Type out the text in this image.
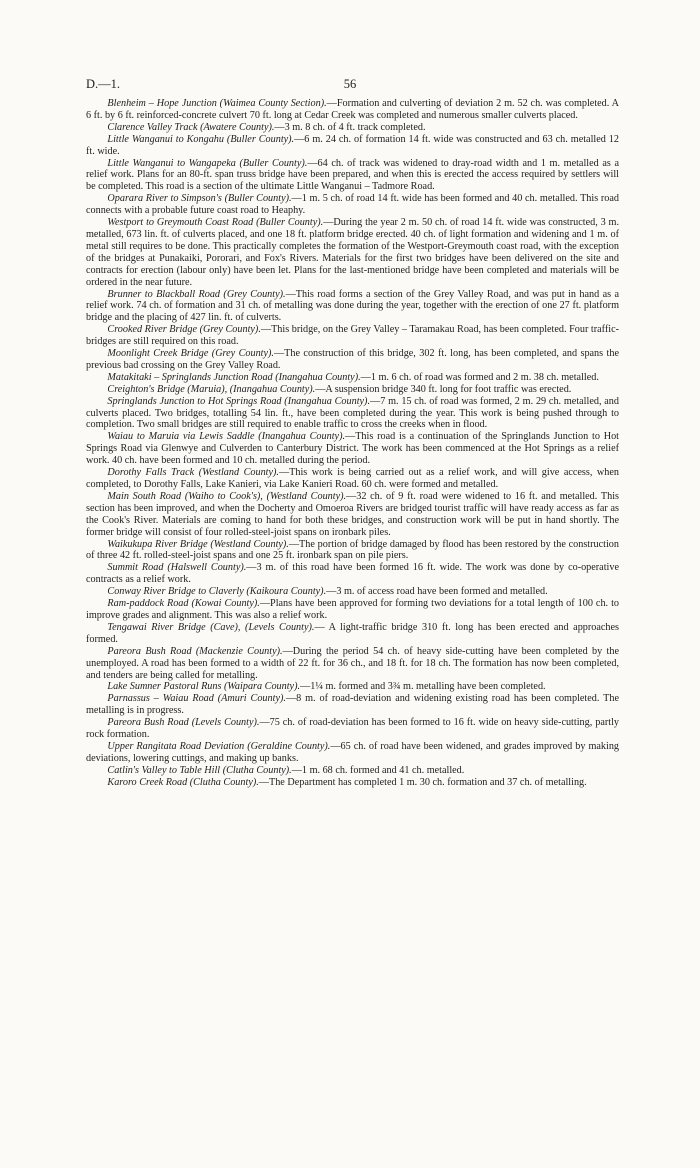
D.—1.	56

Blenheim – Hope Junction (Waimea County Section).—Formation and culverting of deviation 2 m. 52 ch. was completed. A 6 ft. by 6 ft. reinforced-concrete culvert 70 ft. long at Cedar Creek was completed and numerous smaller culverts placed.

Clarence Valley Track (Awatere County).—3 m. 8 ch. of 4 ft. track completed.

Little Wanganui to Kongahu (Buller County).—6 m. 24 ch. of formation 14 ft. wide was constructed and 63 ch. metalled 12 ft. wide.

Little Wanganui to Wangapeka (Buller County).—64 ch. of track was widened to dray-road width and 1 m. metalled as a relief work. Plans for an 80-ft. span truss bridge have been prepared, and when this is erected the access required by settlers will be completed. This road is a section of the ultimate Little Wanganui – Tadmore Road.

Oparara River to Simpson's (Buller County).—1 m. 5 ch. of road 14 ft. wide has been formed and 40 ch. metalled. This road connects with a probable future coast road to Heaphy.

Westport to Greymouth Coast Road (Buller County).—During the year 2 m. 50 ch. of road 14 ft. wide was constructed, 3 m. metalled, 673 lin. ft. of culverts placed, and one 18 ft. platform bridge erected. 40 ch. of light formation and widening and 1 m. of metal still requires to be done. This practically completes the formation of the Westport-Greymouth coast road, with the exception of the bridges at Punakaiki, Pororari, and Fox's Rivers. Materials for the first two bridges have been delivered on the site and contracts for erection (labour only) have been let. Plans for the last-mentioned bridge have been completed and materials will be ordered in the near future.

Brunner to Blackball Road (Grey County).—This road forms a section of the Grey Valley Road, and was put in hand as a relief work. 74 ch. of formation and 31 ch. of metalling was done during the year, together with the erection of one 27 ft. platform bridge and the placing of 427 lin. ft. of culverts.

Crooked River Bridge (Grey County).—This bridge, on the Grey Valley – Taramakau Road, has been completed. Four traffic-bridges are still required on this road.

Moonlight Creek Bridge (Grey County).—The construction of this bridge, 302 ft. long, has been completed, and spans the previous bad crossing on the Grey Valley Road.

Matakitaki – Springlands Junction Road (Inangahua County).—1 m. 6 ch. of road was formed and 2 m. 38 ch. metalled.

Creighton's Bridge (Maruia), (Inangahua County).—A suspension bridge 340 ft. long for foot traffic was erected.

Springlands Junction to Hot Springs Road (Inangahua County).—7 m. 15 ch. of road was formed, 2 m. 29 ch. metalled, and culverts placed. Two bridges, totalling 54 lin. ft., have been completed during the year. This work is being pushed through to completion. Two small bridges are still required to enable traffic to cross the creeks when in flood.

Waiau to Maruia via Lewis Saddle (Inangahua County).—This road is a continuation of the Springlands Junction to Hot Springs Road via Glenwye and Culverden to Canterbury District. The work has been commenced at the Hot Springs as a relief work. 40 ch. have been formed and 10 ch. metalled during the period.

Dorothy Falls Track (Westland County).—This work is being carried out as a relief work, and will give access, when completed, to Dorothy Falls, Lake Kanieri, via Lake Kanieri Road. 60 ch. were formed and metalled.

Main South Road (Waiho to Cook's), (Westland County).—32 ch. of 9 ft. road were widened to 16 ft. and metalled. This section has been improved, and when the Docherty and Omoeroa Rivers are bridged tourist traffic will have ready access as far as the Cook's River. Materials are coming to hand for both these bridges, and construction work will be put in hand shortly. The former bridge will consist of four rolled-steel-joist spans on ironbark piles.

Waikukupa River Bridge (Westland County).—The portion of bridge damaged by flood has been restored by the construction of three 42 ft. rolled-steel-joist spans and one 25 ft. ironbark span on pile piers.

Summit Road (Halswell County).—3 m. of this road have been formed 16 ft. wide. The work was done by co-operative contracts as a relief work.

Conway River Bridge to Claverly (Kaikoura County).—3 m. of access road have been formed and metalled.

Ram-paddock Road (Kowai County).—Plans have been approved for forming two deviations for a total length of 100 ch. to improve grades and alignment. This was also a relief work.

Tengawai River Bridge (Cave), (Levels County).— A light-traffic bridge 310 ft. long has been erected and approaches formed.

Pareora Bush Road (Mackenzie County).—During the period 54 ch. of heavy side-cutting have been completed by the unemployed. A road has been formed to a width of 22 ft. for 36 ch., and 18 ft. for 18 ch. The formation has now been completed, and tenders are being called for metalling.

Lake Sumner Pastoral Runs (Waipara County).—1¼ m. formed and 3¾ m. metalling have been completed.

Parnassus – Waiau Road (Amuri County).—8 m. of road-deviation and widening existing road has been completed. The metalling is in progress.

Pareora Bush Road (Levels County).—75 ch. of road-deviation has been formed to 16 ft. wide on heavy side-cutting, partly rock formation.

Upper Rangitata Road Deviation (Geraldine County).—65 ch. of road have been widened, and grades improved by making deviations, lowering cuttings, and making up banks.

Catlin's Valley to Table Hill (Clutha County).—1 m. 68 ch. formed and 41 ch. metalled.

Karoro Creek Road (Clutha County).—The Department has completed 1 m. 30 ch. formation and 37 ch. of metalling.
